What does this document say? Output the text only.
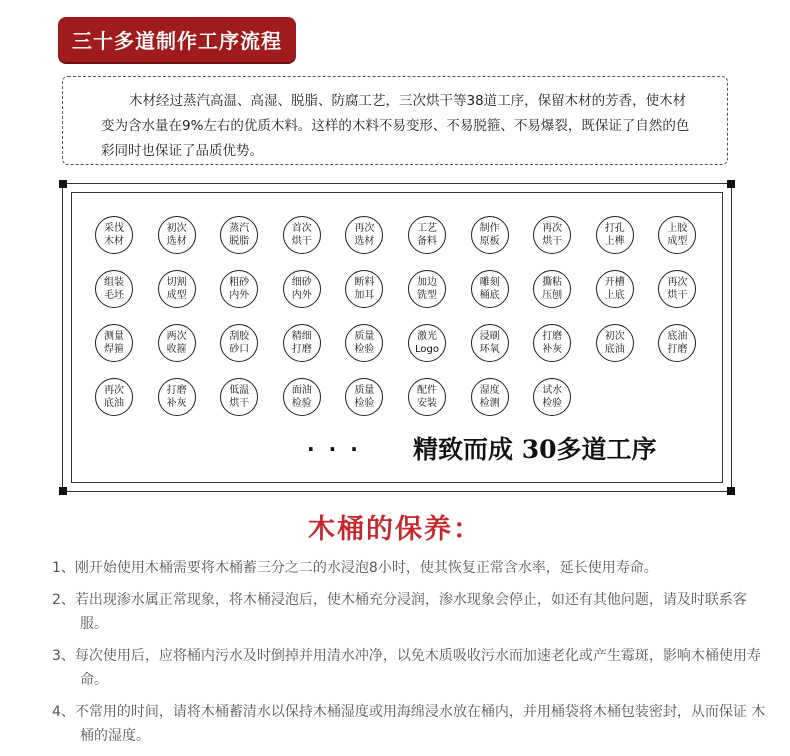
三十多道制作工序流程

木材经过蒸汽高温、高湿、脱脂、防腐工艺，三次烘干等38道工序，保留木材的芳香，使木材变为含水量在9%左右的优质木料。这样的木料不易变形、不易脱箍、不易爆裂，既保证了自然的色彩同时也保证了品质优势。

采伐
木材
初次
选材
蒸汽
脱脂
首次
烘干
再次
选材
工艺
备料
制作
原板
再次
烘干
打孔
上榫
上胶
成型
组装
毛坯
切割
成型
粗砂
内外
细砂
内外
断料
加耳
加边
铣型
雕刻
桶底
撕粘
压刨
开槽
上底
再次
烘干
测量
焊箍
两次
收箍
刮胶
砂口
精细
打磨
质量
检验
激光
Logo
浸刷
环氧
打磨
补灰
初次
底油
底油
打磨
再次
底油
打磨
补灰
低温
烘干
面油
检验
质量
检验
配件
安装
湿度
检测
试水
检验
··· 精致而成 30多道工序
木桶的保养：
1、刚开始使用木桶需要将木桶蓄三分之二的水浸泡8小时，使其恢复正常含水率，延长使用寿命。
2、若出现渗水属正常现象，将木桶浸泡后，使木桶充分浸润，渗水现象会停止，如还有其他问题，请及时联系客服。
3、每次使用后，应将桶内污水及时倒掉并用清水冲净，以免木质吸收污水而加速老化或产生霉斑，影响木桶使用寿命。
4、不常用的时间，请将木桶蓄清水以保持木桶湿度或用海绵浸水放在桶内，并用桶袋将木桶包装密封，从而保证 木桶的湿度。
